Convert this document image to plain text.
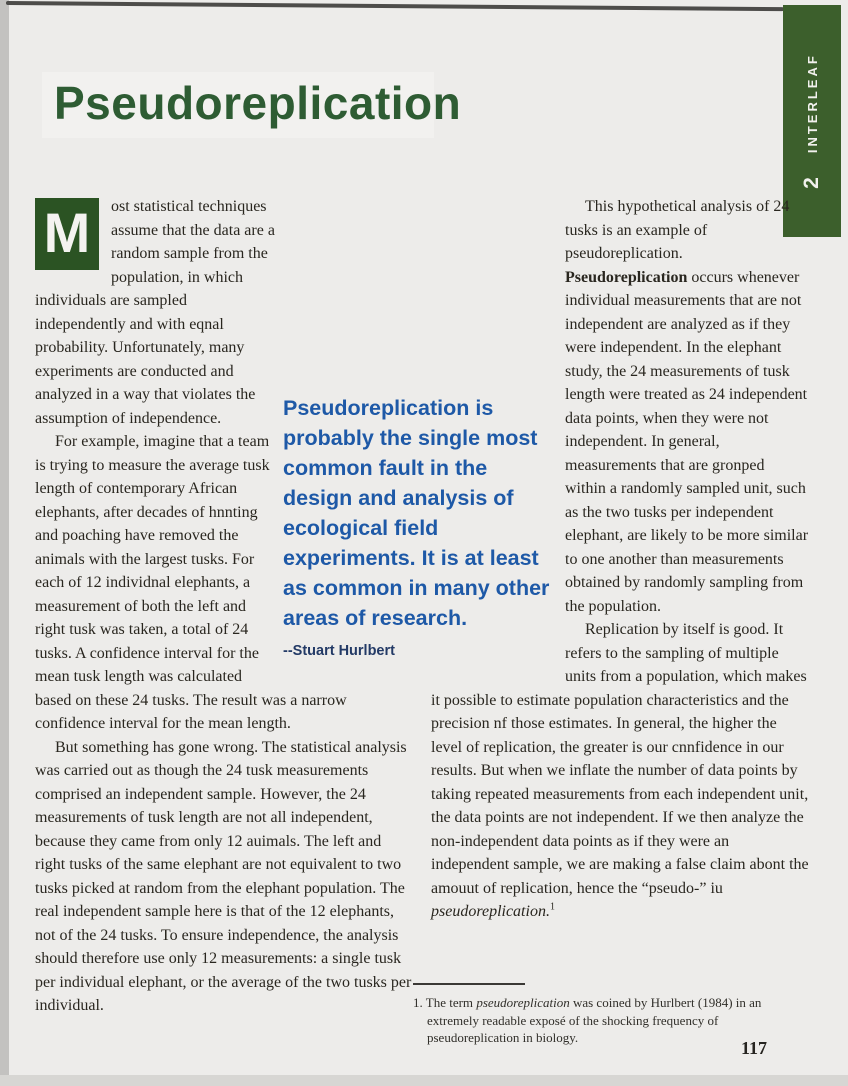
2
INTERLEAF
Pseudoreplication

M	ost statistical techniques assume that the data are a random sample from the population, in which individuals are sampled independently and with eqnal probability. Unfortunately, many experiments are conducted and analyzed in a way that violates the assumption of independence.

For example, imagine that a team is trying to measure the average tusk length of contemporary African elephants, after decades of hnnting and poaching have removed the animals with the largest tusks. For each of 12 individnal elephants, a measurement of both the left and right tusk was taken, a total of 24 tusks. A confidence interval for the mean tusk length was calculated based on these 24 tusks. The result was a narrow confidence interval for the mean length.

But something has gone wrong. The statistical analysis was carried out as though the 24 tusk measurements comprised an independent sample. However, the 24 measurements of tusk length are not all independent, because they came from only 12 auimals. The left and right tusks of the same elephant are not equivalent to two tusks picked at random from the elephant population. The real independent sample here is that of the 12 elephants, not of the 24 tusks. To ensure independence, the analysis should therefore use only 12 measurements: a single tusk per individual elephant, or the average of the two tusks per individual.

This hypothetical analysis of 24 tusks is an example of pseudoreplication. Pseudoreplication occurs whenever individual measurements that are not independent are analyzed as if they were independent. In the elephant study, the 24 measurements of tusk length were treated as 24 independent data points, when they were not independent. In general, measurements that are gronped within a randomly sampled unit, such as the two tusks per independent elephant, are likely to be more similar to one another than measurements obtained by randomly sampling from the population.

Replication by itself is good. It refers to the sampling of multiple units from a population, which makes it possible to estimate population characteristics and the precision nf those estimates. In general, the higher the level of replication, the greater is our cnnfidence in our results. But when we inflate the number of data points by taking repeated measurements from each independent unit, the data points are not independent. If we then analyze the non-independent data points as if they were an independent sample, we are making a false claim abont the amouut of replication, hence the “pseudo-” iu pseudoreplication.$^1$

Pseudoreplication is probably the single most common fault in the design and analysis of ecological field experiments. It is at least as common in many other areas of research.

--Stuart Hurlbert

1. The term pseudoreplication was coined by Hurlbert (1984) in an extremely readable exposé of the shocking frequency of pseudoreplication in biology.

117
